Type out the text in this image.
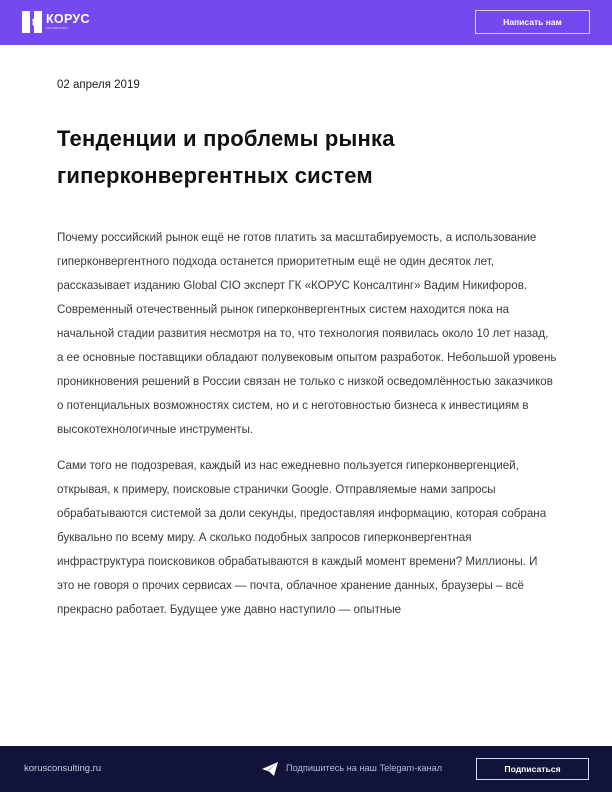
КОРУС
консалтинг
Написать нам
02 апреля 2019
Тенденции и проблемы рынка гиперконвергентных систем

Почему российский рынок ещё не готов платить за масштабируемость, а использование гиперконвергентного подхода останется приоритетным ещё не один десяток лет, рассказывает изданию Global CIO эксперт ГК «КОРУС Консалтинг» Вадим Никифоров.

Современный отечественный рынок гиперконвергентных систем находится пока на начальной стадии развития несмотря на то, что технология появилась около 10 лет назад, а ее основные поставщики обладают полувековым опытом разработок. Небольшой уровень проникновения решений в России связан не только с низкой осведомлённостью заказчиков о потенциальных возможностях систем, но и с неготовностью бизнеса к инвестициям в высокотехнологичные инструменты.

Сами того не подозревая, каждый из нас ежедневно пользуется гиперконвергенцией, открывая, к примеру, поисковые странички Google. Отправляемые нами запросы обрабатываются системой за доли секунды, предоставляя информацию, которая собрана буквально по всему миру. А сколько подобных запросов гиперконвергентная инфраструктура поисковиков обрабатываются в каждый момент времени? Миллионы. И это не говоря о прочих сервисах — почта, облачное хранение данных, браузеры – всё прекрасно работает. Будущее уже давно наступило — опытные

korusconsulting.ru	Подпишитесь на наш Telegam-канал	Подписаться
